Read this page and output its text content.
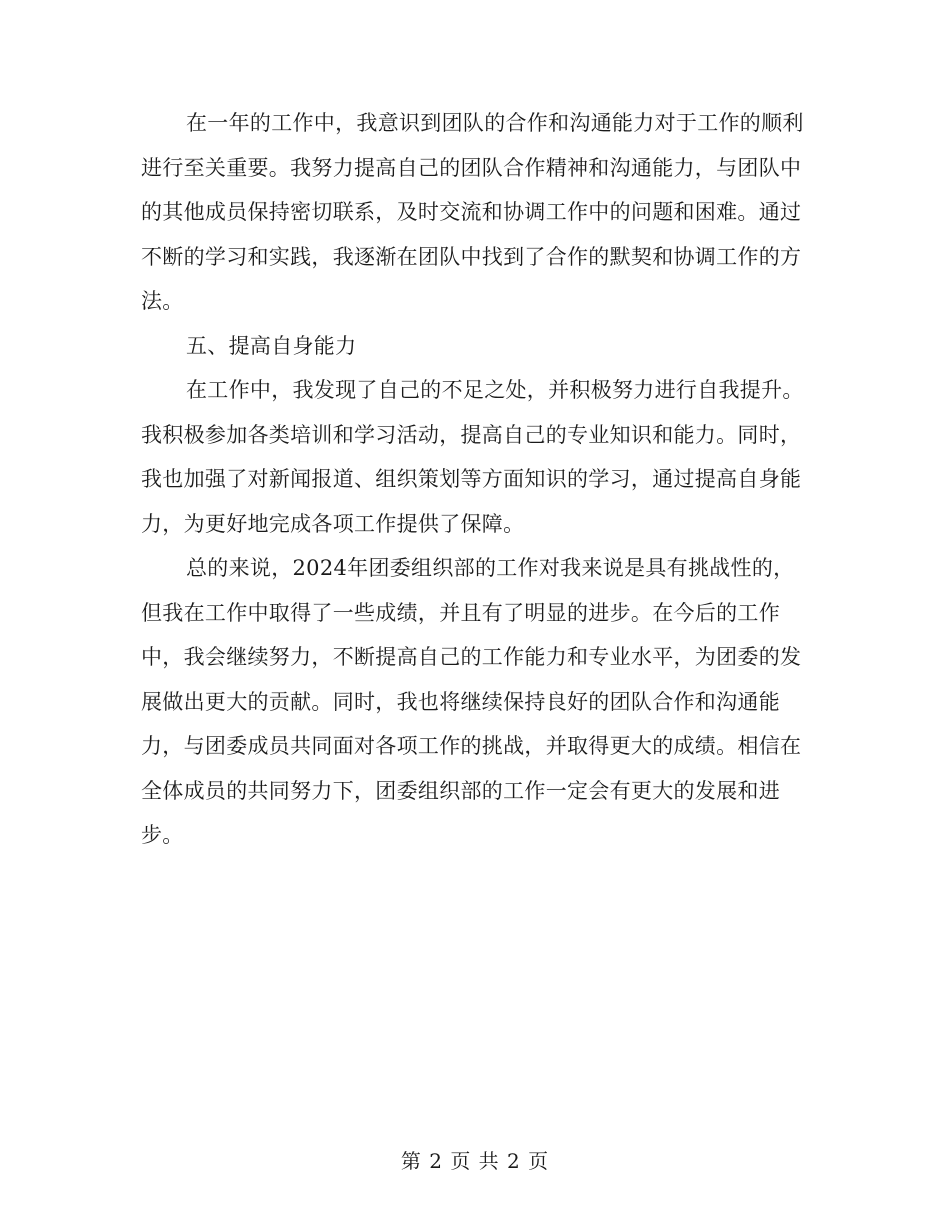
在一年的工作中，我意识到团队的合作和沟通能力对于工作的顺利进行至关重要。我努力提高自己的团队合作精神和沟通能力，与团队中的其他成员保持密切联系，及时交流和协调工作中的问题和困难。通过不断的学习和实践，我逐渐在团队中找到了合作的默契和协调工作的方法。

五、提高自身能力

在工作中，我发现了自己的不足之处，并积极努力进行自我提升。我积极参加各类培训和学习活动，提高自己的专业知识和能力。同时，我也加强了对新闻报道、组织策划等方面知识的学习，通过提高自身能力，为更好地完成各项工作提供了保障。

总的来说，2024年团委组织部的工作对我来说是具有挑战性的，但我在工作中取得了一些成绩，并且有了明显的进步。在今后的工作中，我会继续努力，不断提高自己的工作能力和专业水平，为团委的发展做出更大的贡献。同时，我也将继续保持良好的团队合作和沟通能力，与团委成员共同面对各项工作的挑战，并取得更大的成绩。相信在全体成员的共同努力下，团委组织部的工作一定会有更大的发展和进步。

第 2 页 共 2 页
